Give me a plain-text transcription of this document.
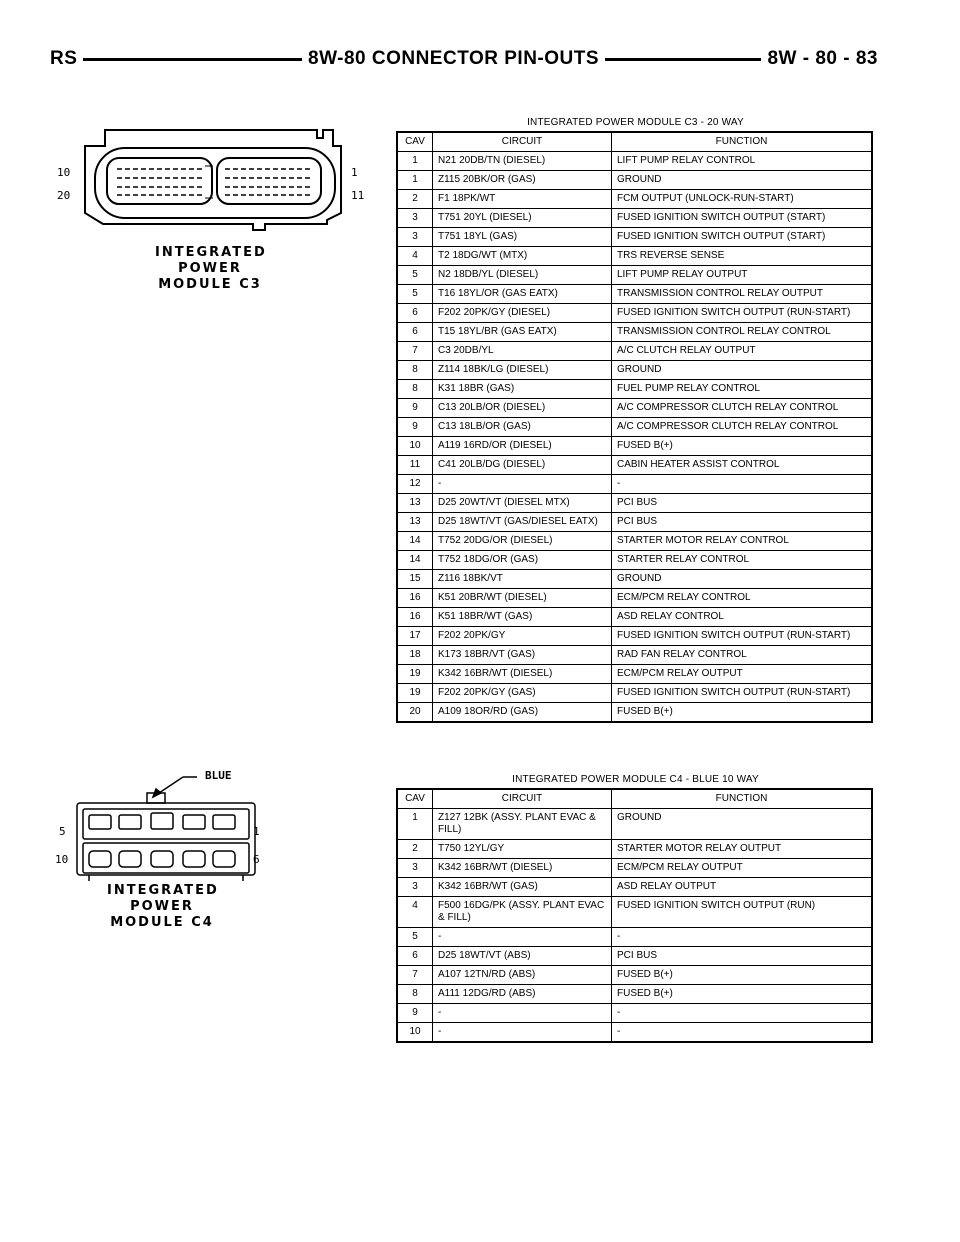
RS	8W-80 CONNECTOR PIN-OUTS	8W - 80 - 83
10
20
1
11
INTEGRATED
POWER
MODULE C3
INTEGRATED POWER MODULE C3 - 20 WAY
CAV	CIRCUIT	FUNCTION
1	N21 20DB/TN (DIESEL)	LIFT PUMP RELAY CONTROL
1	Z115 20BK/OR (GAS)	GROUND
2	F1 18PK/WT	FCM OUTPUT (UNLOCK-RUN-START)
3	T751 20YL (DIESEL)	FUSED IGNITION SWITCH OUTPUT (START)
3	T751 18YL (GAS)	FUSED IGNITION SWITCH OUTPUT (START)
4	T2 18DG/WT (MTX)	TRS REVERSE SENSE
5	N2 18DB/YL (DIESEL)	LIFT PUMP RELAY OUTPUT
5	T16 18YL/OR (GAS EATX)	TRANSMISSION CONTROL RELAY OUTPUT
6	F202 20PK/GY (DIESEL)	FUSED IGNITION SWITCH OUTPUT (RUN-START)
6	T15 18YL/BR (GAS EATX)	TRANSMISSION CONTROL RELAY CONTROL
7	C3 20DB/YL	A/C CLUTCH RELAY OUTPUT
8	Z114 18BK/LG (DIESEL)	GROUND
8	K31 18BR (GAS)	FUEL PUMP RELAY CONTROL
9	C13 20LB/OR (DIESEL)	A/C COMPRESSOR CLUTCH RELAY CONTROL
9	C13 18LB/OR (GAS)	A/C COMPRESSOR CLUTCH RELAY CONTROL
10	A119 16RD/OR (DIESEL)	FUSED B(+)
11	C41 20LB/DG (DIESEL)	CABIN HEATER ASSIST CONTROL
12	-	-
13	D25 20WT/VT (DIESEL MTX)	PCI BUS
13	D25 18WT/VT (GAS/DIESEL EATX)	PCI BUS
14	T752 20DG/OR (DIESEL)	STARTER MOTOR RELAY CONTROL
14	T752 18DG/OR (GAS)	STARTER RELAY CONTROL
15	Z116 18BK/VT	GROUND
16	K51 20BR/WT (DIESEL)	ECM/PCM RELAY CONTROL
16	K51 18BR/WT (GAS)	ASD RELAY CONTROL
17	F202 20PK/GY	FUSED IGNITION SWITCH OUTPUT (RUN-START)
18	K173 18BR/VT (GAS)	RAD FAN RELAY CONTROL
19	K342 16BR/WT (DIESEL)	ECM/PCM RELAY OUTPUT
19	F202 20PK/GY (GAS)	FUSED IGNITION SWITCH OUTPUT (RUN-START)
20	A109 18OR/RD (GAS)	FUSED B(+)
BLUE
5
10
1
6
INTEGRATED
POWER
MODULE C4
INTEGRATED POWER MODULE C4 - BLUE 10 WAY
CAV	CIRCUIT	FUNCTION
1	Z127 12BK (ASSY. PLANT EVAC & FILL)	GROUND
2	T750 12YL/GY	STARTER MOTOR RELAY OUTPUT
3	K342 16BR/WT (DIESEL)	ECM/PCM RELAY OUTPUT
3	K342 16BR/WT (GAS)	ASD RELAY OUTPUT
4	F500 16DG/PK (ASSY. PLANT EVAC & FILL)	FUSED IGNITION SWITCH OUTPUT (RUN)
5	-	-
6	D25 18WT/VT (ABS)	PCI BUS
7	A107 12TN/RD (ABS)	FUSED B(+)
8	A111 12DG/RD (ABS)	FUSED B(+)
9	-	-
10	-	-
